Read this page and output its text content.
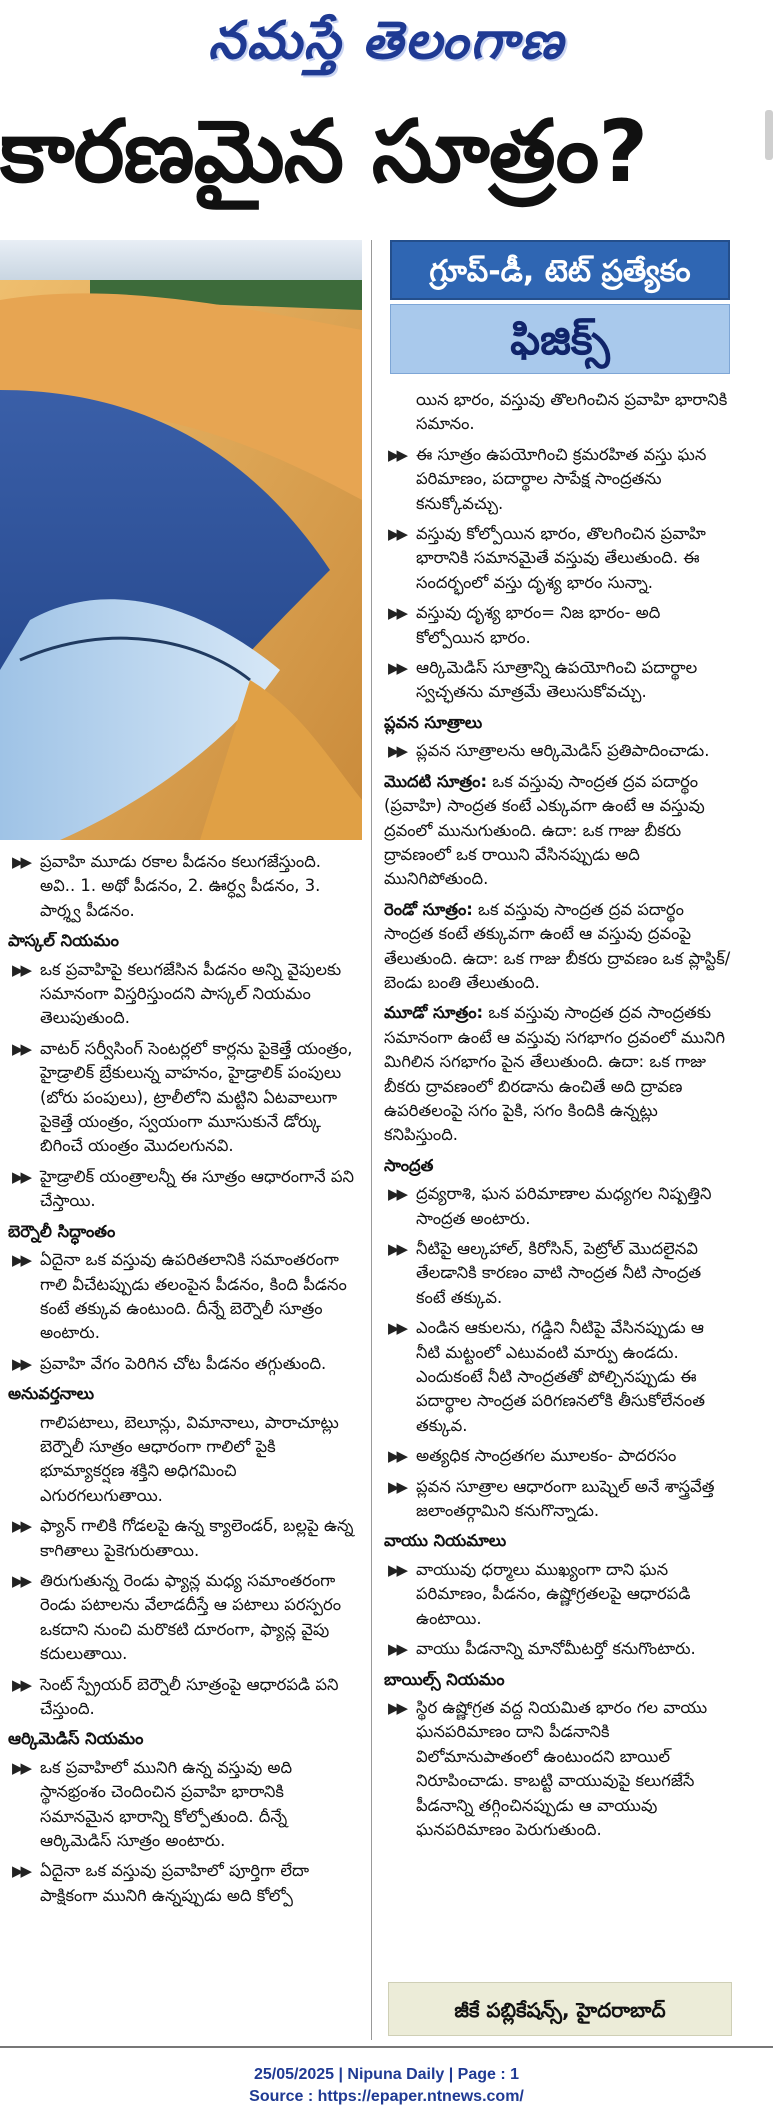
నమస్తే తెలంగాణ
కారణమైన సూత్రం?
గ్రూప్-డీ, టెట్ ప్రత్యేకం
ఫిజిక్స్
▶▶ ప్రవాహి మూడు రకాల పీడనం కలుగజేస్తుంది. అవి.. 1. అథో పీడనం, 2. ఊర్ధ్వ పీడనం, 3. పార్శ్వ పీడనం.
పాస్కల్ నియమం
▶▶ ఒక ప్రవాహిపై కలుగజేసిన పీడనం అన్ని వైపులకు సమానంగా విస్తరిస్తుందని పాస్కల్ నియమం తెలుపుతుంది.
▶▶ వాటర్ సర్వీసింగ్ సెంటర్లలో కార్లను పైకెత్తే యంత్రం, హైడ్రాలిక్ బ్రేకులున్న వాహనం, హైడ్రాలిక్ పంపులు (బోరు పంపులు), ట్రాలీలోని మట్టిని ఏటవాలుగా పైకెత్తే యంత్రం, స్వయంగా మూసుకునే డోర్కు బిగించే యంత్రం మొదలగునవి.
▶▶ హైడ్రాలిక్ యంత్రాలన్నీ ఈ సూత్రం ఆధారంగానే పని చేస్తాయి.
బెర్నౌలీ సిద్ధాంతం
▶▶ ఏదైనా ఒక వస్తువు ఉపరితలానికి సమాంతరంగా గాలి వీచేటప్పుడు తలంపైన పీడనం, కింది పీడనం కంటే తక్కువ ఉంటుంది. దీన్నే బెర్నౌలీ సూత్రం అంటారు.
▶▶ ప్రవాహి వేగం పెరిగిన చోట పీడనం తగ్గుతుంది.
అనువర్తనాలు
గాలిపటాలు, బెలూన్లు, విమానాలు, పారాచూట్లు బెర్నౌలీ సూత్రం ఆధారంగా గాలిలో పైకి భూమ్యాకర్షణ శక్తిని అధిగమించి ఎగురగలుగుతాయి.
▶▶ ఫ్యాన్ గాలికి గోడలపై ఉన్న క్యాలెండర్, బల్లపై ఉన్న కాగితాలు పైకెగురుతాయి.
▶▶ తిరుగుతున్న రెండు ఫ్యాన్ల మధ్య సమాంతరంగా రెండు పటాలను వేలాడదీస్తే ఆ పటాలు పరస్పరం ఒకదాని నుంచి మరొకటి దూరంగా, ఫ్యాన్ల వైపు కదులుతాయి.
▶▶ సెంట్ స్ప్రేయర్ బెర్నౌలీ సూత్రంపై ఆధారపడి పని చేస్తుంది.
ఆర్కిమెడిస్ నియమం
▶▶ ఒక ప్రవాహిలో మునిగి ఉన్న వస్తువు అది స్థానభ్రంశం చెందించిన ప్రవాహి భారానికి సమానమైన భారాన్ని కోల్పోతుంది. దీన్నే ఆర్కిమెడిస్ సూత్రం అంటారు.
▶▶ ఏదైనా ఒక వస్తువు ప్రవాహిలో పూర్తిగా లేదా పాక్షికంగా మునిగి ఉన్నప్పుడు అది కోల్పో
యిన భారం, వస్తువు తొలగించిన ప్రవాహి భారానికి సమానం.
▶▶ ఈ సూత్రం ఉపయోగించి క్రమరహిత వస్తు ఘన పరిమాణం, పదార్థాల సాపేక్ష సాంద్రతను కనుక్కోవచ్చు.
▶▶ వస్తువు కోల్పోయిన భారం, తొలగించిన ప్రవాహి భారానికి సమానమైతే వస్తువు తేలుతుంది. ఈ సందర్భంలో వస్తు దృశ్య భారం సున్నా.
▶▶ వస్తువు దృశ్య భారం= నిజ భారం- అది కోల్పోయిన భారం.
▶▶ ఆర్కిమెడిస్ సూత్రాన్ని ఉపయోగించి పదార్థాల స్వచ్ఛతను మాత్రమే తెలుసుకోవచ్చు.
ప్లవన సూత్రాలు
▶▶ ప్లవన సూత్రాలను ఆర్కిమెడిస్ ప్రతిపాదించాడు.
మొదటి సూత్రం: ఒక వస్తువు సాంద్రత ద్రవ పదార్థం (ప్రవాహి) సాంద్రత కంటే ఎక్కువగా ఉంటే ఆ వస్తువు ద్రవంలో మునుగుతుంది. ఉదా: ఒక గాజు బీకరు ద్రావణంలో ఒక రాయిని వేసినప్పుడు అది మునిగిపోతుంది.
రెండో సూత్రం: ఒక వస్తువు సాంద్రత ద్రవ పదార్థం సాంద్రత కంటే తక్కువగా ఉంటే ఆ వస్తువు ద్రవంపై తేలుతుంది. ఉదా: ఒక గాజు బీకరు ద్రావణం ఒక ప్లాస్టిక్/బెండు బంతి తేలుతుంది.
మూడో సూత్రం: ఒక వస్తువు సాంద్రత ద్రవ సాంద్రతకు సమానంగా ఉంటే ఆ వస్తువు సగభాగం ద్రవంలో మునిగి మిగిలిన సగభాగం పైన తేలుతుంది. ఉదా: ఒక గాజు బీకరు ద్రావణంలో బిరడాను ఉంచితే అది ద్రావణ ఉపరితలంపై సగం పైకి, సగం కిందికి ఉన్నట్లు కనిపిస్తుంది.
సాంద్రత
▶▶ ద్రవ్యరాశి, ఘన పరిమాణాల మధ్యగల నిష్పత్తిని సాంద్రత అంటారు.
▶▶ నీటిపై ఆల్కహాల్, కిరోసిన్, పెట్రోల్ మొదలైనవి తేలడానికి కారణం వాటి సాంద్రత నీటి సాంద్రత కంటే తక్కువ.
▶▶ ఎండిన ఆకులను, గడ్డిని నీటిపై వేసినప్పుడు ఆ నీటి మట్టంలో ఎటువంటి మార్పు ఉండదు. ఎందుకంటే నీటి సాంద్రతతో పోల్చినప్పుడు ఈ పదార్థాల సాంద్రత పరిగణనలోకి తీసుకోలేనంత తక్కువ.
▶▶ అత్యధిక సాంద్రతగల మూలకం- పాదరసం
▶▶ ప్లవన సూత్రాల ఆధారంగా బుష్నెల్ అనే శాస్త్రవేత్త జలాంతర్గామిని కనుగొన్నాడు.
వాయు నియమాలు
▶▶ వాయువు ధర్మాలు ముఖ్యంగా దాని ఘన పరిమాణం, పీడనం, ఉష్ణోగ్రతలపై ఆధారపడి ఉంటాయి.
▶▶ వాయు పీడనాన్ని మానోమీటర్తో కనుగొంటారు.
బాయిల్స్ నియమం
▶▶ స్థిర ఉష్ణోగ్రత వద్ద నియమిత భారం గల వాయు ఘనపరిమాణం దాని పీడనానికి విలోమానుపాతంలో ఉంటుందని బాయిల్ నిరూపించాడు. కాబట్టి వాయువుపై కలుగజేసే పీడనాన్ని తగ్గించినప్పుడు ఆ వాయువు ఘనపరిమాణం పెరుగుతుంది.
జీకే పబ్లికేషన్స్, హైదరాబాద్
25/05/2025 | Nipuna Daily | Page : 1
Source : https://epaper.ntnews.com/
